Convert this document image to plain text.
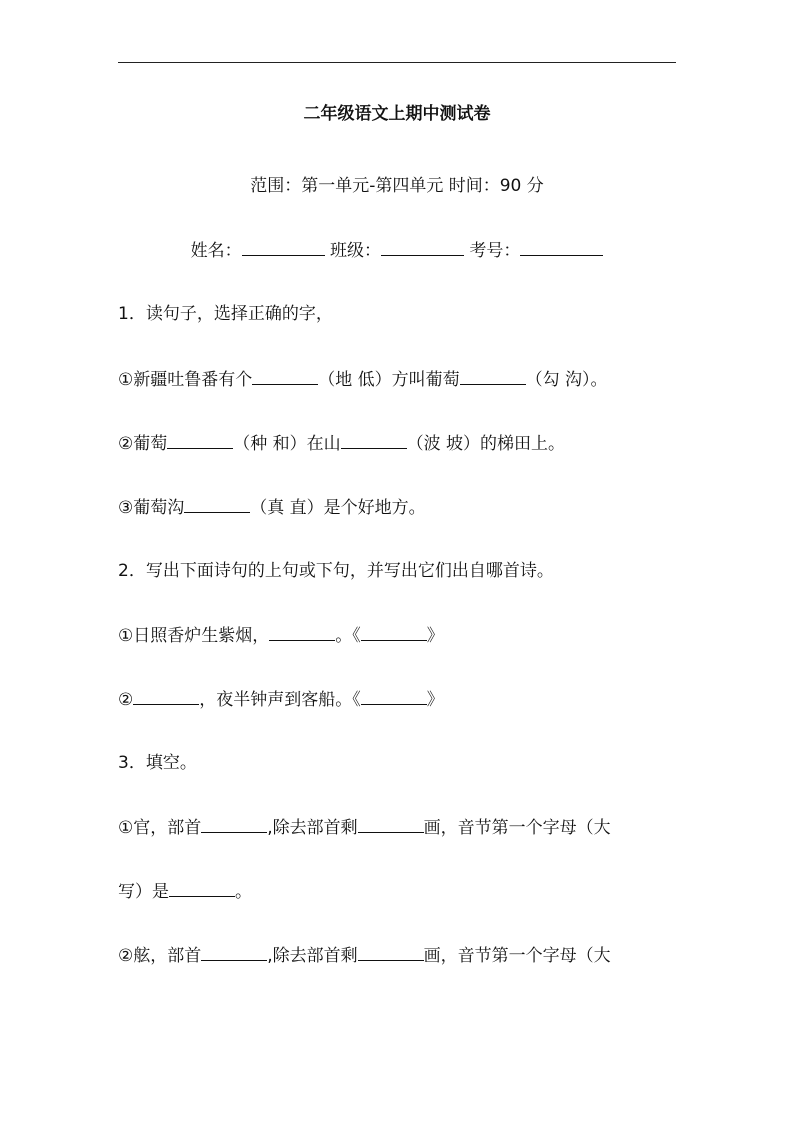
二年级语文上期中测试卷
范围：第一单元-第四单元 时间：90 分
姓名：	班级：	考号：
1．读句子，选择正确的字，
①新疆吐鲁番有个	（地 低）方叫葡萄	（勾 沟）。
②葡萄	（种 和）在山	（波 坡）的梯田上。
③葡萄沟	（真 直）是个好地方。
2．写出下面诗句的上句或下句，并写出它们出自哪首诗。
①日照香炉生紫烟，	。《	》
②	，夜半钟声到客船。《	》
3．填空。
①官，部首	,除去部首剩	画，音节第一个字母（大
写）是	。
②舷，部首	,除去部首剩	画，音节第一个字母（大
